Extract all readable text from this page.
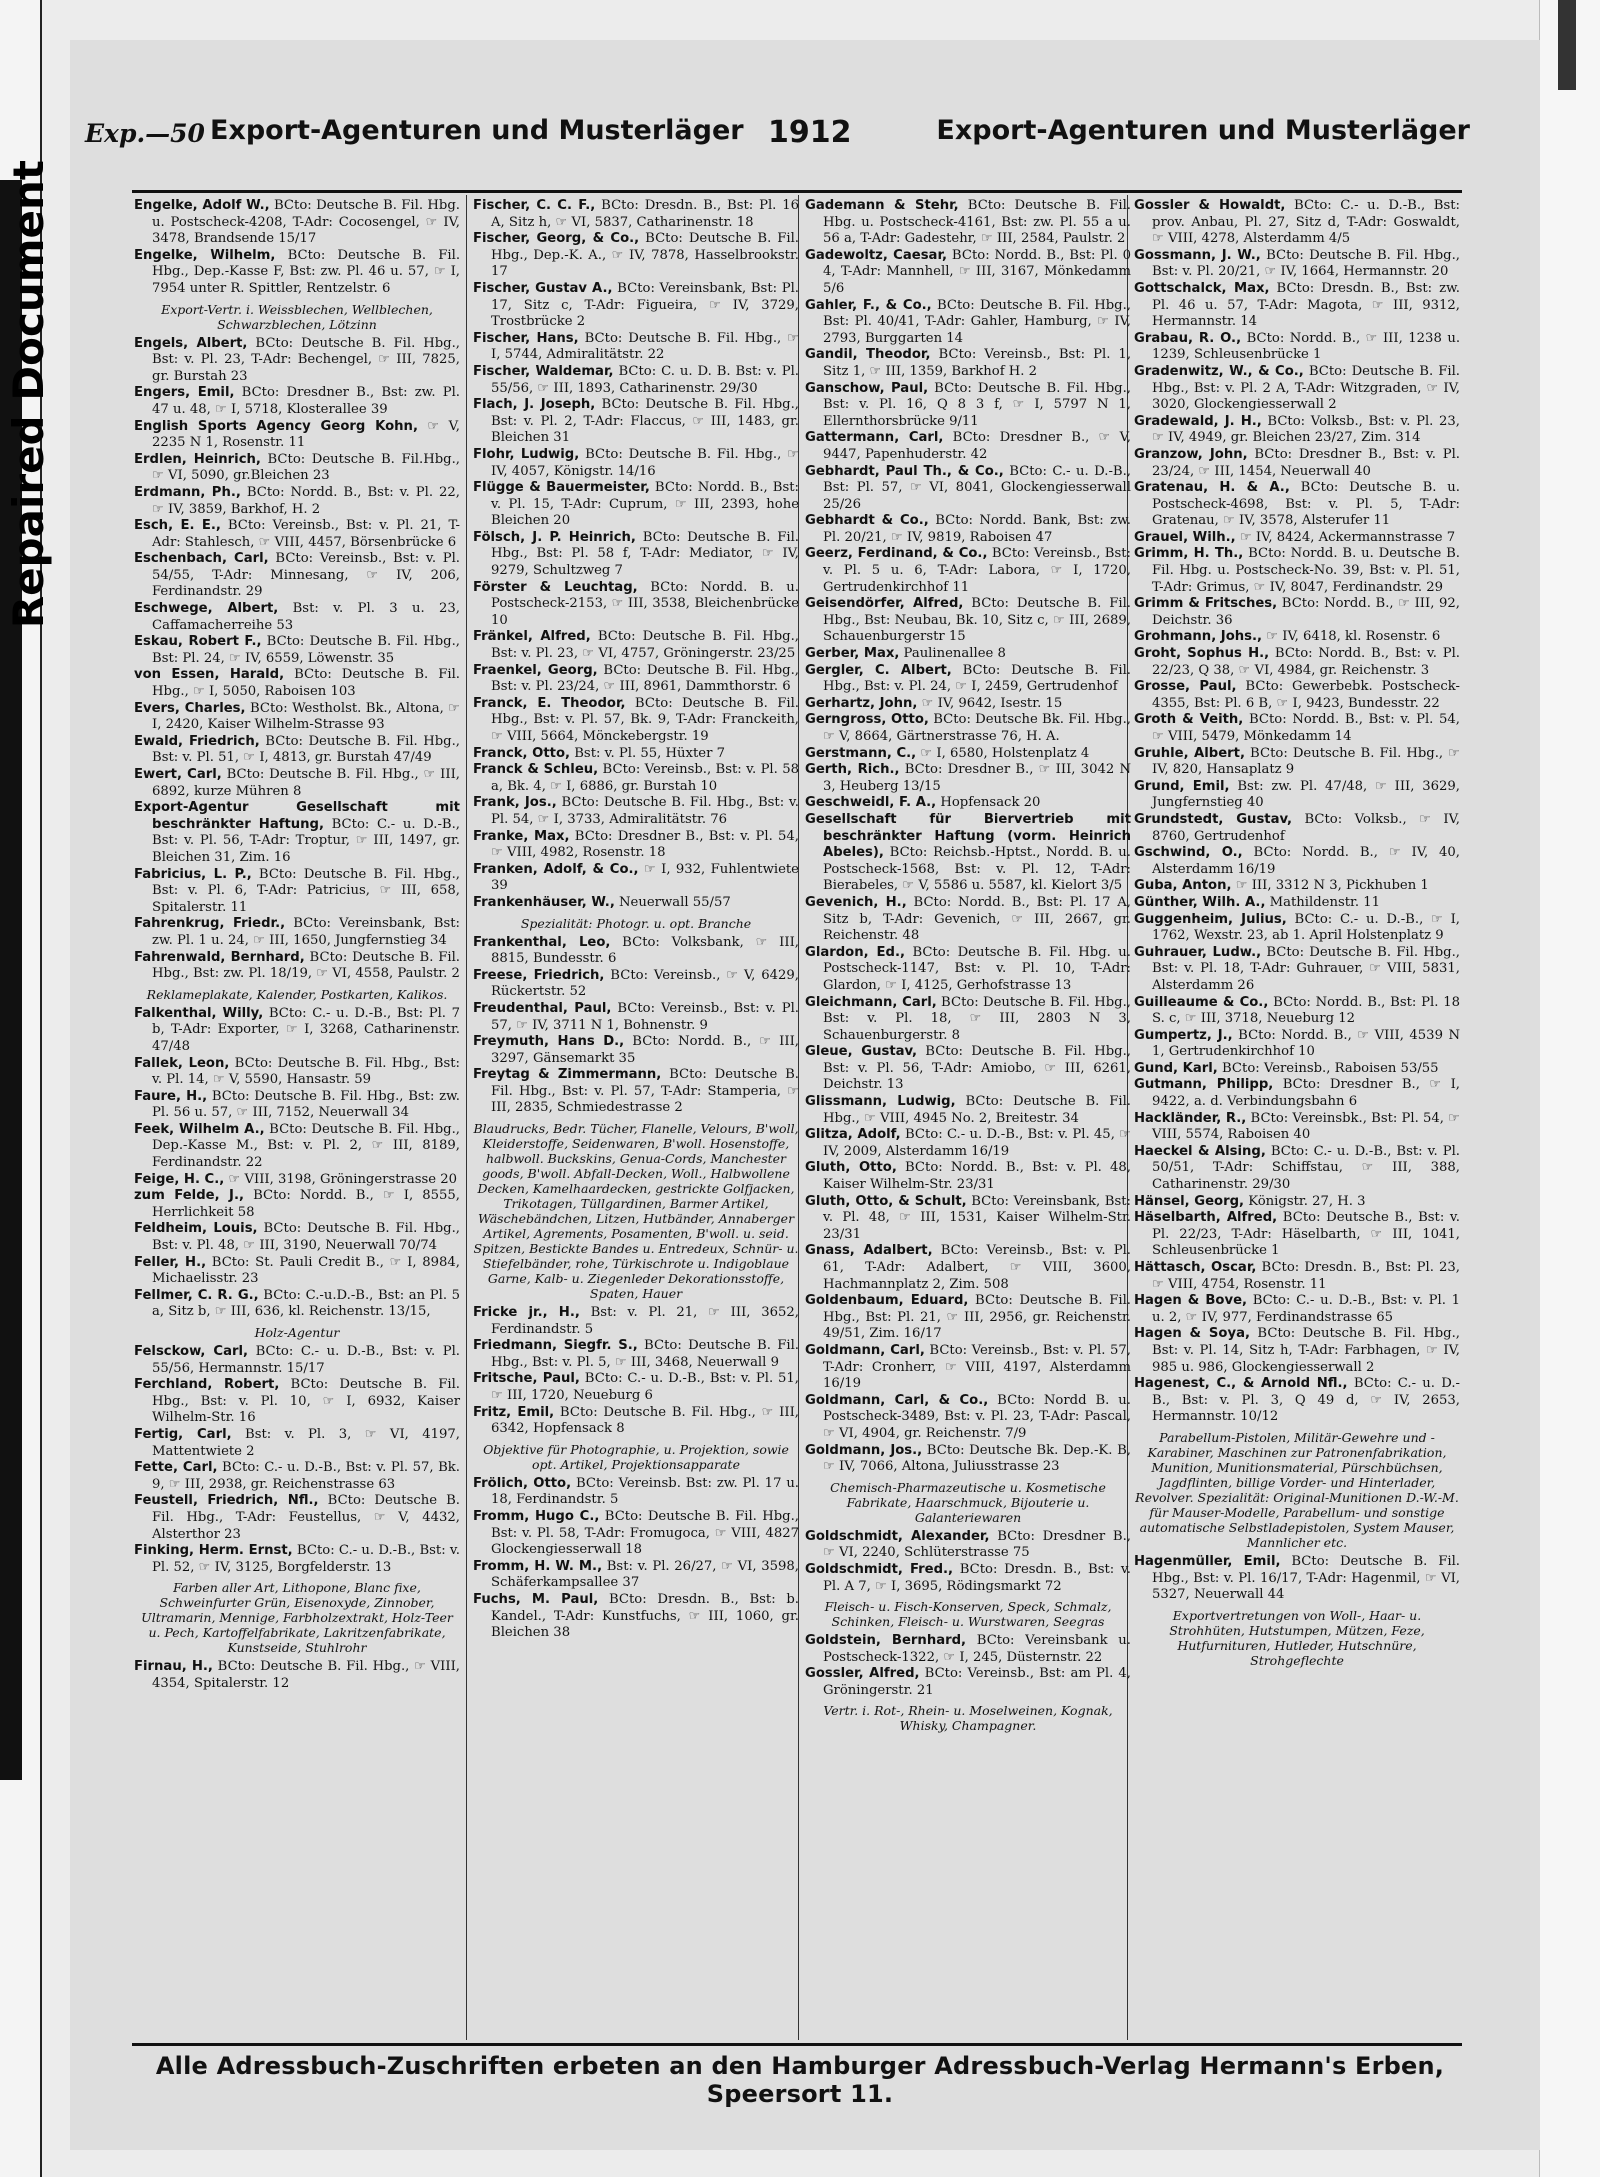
Repaired Document
Exp.—50 Export-Agenturen und Musterläger 1912	Export-Agenturen und Musterläger

Engelke, Adolf W., BCto: Deutsche B. Fil. Hbg. u. Postscheck-4208, T-Adr: Cocosengel, ☞ IV, 3478, Brandsende 15/17

Engelke, Wilhelm, BCto: Deutsche B. Fil. Hbg., Dep.-Kasse F, Bst: zw. Pl. 46 u. 57, ☞ I, 7954 unter R. Spittler, Rentzelstr. 6

Export-Vertr. i. Weissblechen, Wellblechen, Schwarzblechen, Lötzinn

Engels, Albert, BCto: Deutsche B. Fil. Hbg., Bst: v. Pl. 23, T-Adr: Bechengel, ☞ III, 7825, gr. Burstah 23

Engers, Emil, BCto: Dresdner B., Bst: zw. Pl. 47 u. 48, ☞ I, 5718, Klosterallee 39

English Sports Agency Georg Kohn, ☞ V, 2235 N 1, Rosenstr. 11

Erdlen, Heinrich, BCto: Deutsche B. Fil.Hbg., ☞ VI, 5090, gr.Bleichen 23

Erdmann, Ph., BCto: Nordd. B., Bst: v. Pl. 22, ☞ IV, 3859, Barkhof, H. 2

Esch, E. E., BCto: Vereinsb., Bst: v. Pl. 21, T-Adr: Stahlesch, ☞ VIII, 4457, Börsenbrücke 6

Eschenbach, Carl, BCto: Vereinsb., Bst: v. Pl. 54/55, T-Adr: Minnesang, ☞ IV, 206, Ferdinandstr. 29

Eschwege, Albert, Bst: v. Pl. 3 u. 23, Caffamacherreihe 53

Eskau, Robert F., BCto: Deutsche B. Fil. Hbg., Bst: Pl. 24, ☞ IV, 6559, Löwenstr. 35

von Essen, Harald, BCto: Deutsche B. Fil. Hbg., ☞ I, 5050, Raboisen 103

Evers, Charles, BCto: Westholst. Bk., Altona, ☞ I, 2420, Kaiser Wilhelm-Strasse 93

Ewald, Friedrich, BCto: Deutsche B. Fil. Hbg., Bst: v. Pl. 51, ☞ I, 4813, gr. Burstah 47/49

Ewert, Carl, BCto: Deutsche B. Fil. Hbg., ☞ III, 6892, kurze Mühren 8

Export-Agentur Gesellschaft mit beschränkter Haftung, BCto: C.- u. D.-B., Bst: v. Pl. 56, T-Adr: Troptur, ☞ III, 1497, gr. Bleichen 31, Zim. 16

Fabricius, L. P., BCto: Deutsche B. Fil. Hbg., Bst: v. Pl. 6, T-Adr: Patricius, ☞ III, 658, Spitalerstr. 11

Fahrenkrug, Friedr., BCto: Vereinsbank, Bst: zw. Pl. 1 u. 24, ☞ III, 1650, Jungfernstieg 34

Fahrenwald, Bernhard, BCto: Deutsche B. Fil. Hbg., Bst: zw. Pl. 18/19, ☞ VI, 4558, Paulstr. 2

Reklameplakate, Kalender, Postkarten, Kalikos.

Falkenthal, Willy, BCto: C.- u. D.-B., Bst: Pl. 7 b, T-Adr: Exporter, ☞ I, 3268, Catharinenstr. 47/48

Fallek, Leon, BCto: Deutsche B. Fil. Hbg., Bst: v. Pl. 14, ☞ V, 5590, Hansastr. 59

Faure, H., BCto: Deutsche B. Fil. Hbg., Bst: zw. Pl. 56 u. 57, ☞ III, 7152, Neuerwall 34

Feek, Wilhelm A., BCto: Deutsche B. Fil. Hbg., Dep.-Kasse M., Bst: v. Pl. 2, ☞ III, 8189, Ferdinandstr. 22

Feige, H. C., ☞ VIII, 3198, Gröningerstrasse 20

zum Felde, J., BCto: Nordd. B., ☞ I, 8555, Herrlichkeit 58

Feldheim, Louis, BCto: Deutsche B. Fil. Hbg., Bst: v. Pl. 48, ☞ III, 3190, Neuerwall 70/74

Feller, H., BCto: St. Pauli Credit B., ☞ I, 8984, Michaelisstr. 23

Fellmer, C. R. G., BCto: C.-u.D.-B., Bst: an Pl. 5 a, Sitz b, ☞ III, 636, kl. Reichenstr. 13/15,

Holz-Agentur

Felsckow, Carl, BCto: C.- u. D.-B., Bst: v. Pl. 55/56, Hermannstr. 15/17

Ferchland, Robert, BCto: Deutsche B. Fil. Hbg., Bst: v. Pl. 10, ☞ I, 6932, Kaiser Wilhelm-Str. 16

Fertig, Carl, Bst: v. Pl. 3, ☞ VI, 4197, Mattentwiete 2

Fette, Carl, BCto: C.- u. D.-B., Bst: v. Pl. 57, Bk. 9, ☞ III, 2938, gr. Reichenstrasse 63

Feustell, Friedrich, Nfl., BCto: Deutsche B. Fil. Hbg., T-Adr: Feustellus, ☞ V, 4432, Alsterthor 23

Finking, Herm. Ernst, BCto: C.- u. D.-B., Bst: v. Pl. 52, ☞ IV, 3125, Borgfelderstr. 13

Farben aller Art, Lithopone, Blanc fixe, Schweinfurter Grün, Eisenoxyde, Zinnober, Ultramarin, Mennige, Farbholzextrakt, Holz-Teer u. Pech, Kartoffelfabrikate, Lakritzenfabrikate, Kunstseide, Stuhlrohr

Firnau, H., BCto: Deutsche B. Fil. Hbg., ☞ VIII, 4354, Spitalerstr. 12

Fischer, C. C. F., BCto: Dresdn. B., Bst: Pl. 16 A, Sitz h, ☞ VI, 5837, Catharinenstr. 18

Fischer, Georg, & Co., BCto: Deutsche B. Fil. Hbg., Dep.-K. A., ☞ IV, 7878, Hasselbrookstr. 17

Fischer, Gustav A., BCto: Vereinsbank, Bst: Pl. 17, Sitz c, T-Adr: Figueira, ☞ IV, 3729, Trostbrücke 2

Fischer, Hans, BCto: Deutsche B. Fil. Hbg., ☞ I, 5744, Admiralitätstr. 22

Fischer, Waldemar, BCto: C. u. D. B. Bst: v. Pl. 55/56, ☞ III, 1893, Catharinenstr. 29/30

Flach, J. Joseph, BCto: Deutsche B. Fil. Hbg., Bst: v. Pl. 2, T-Adr: Flaccus, ☞ III, 1483, gr. Bleichen 31

Flohr, Ludwig, BCto: Deutsche B. Fil. Hbg., ☞ IV, 4057, Königstr. 14/16

Flügge & Bauermeister, BCto: Nordd. B., Bst: v. Pl. 15, T-Adr: Cuprum, ☞ III, 2393, hohe Bleichen 20

Fölsch, J. P. Heinrich, BCto: Deutsche B. Fil. Hbg., Bst: Pl. 58 f, T-Adr: Mediator, ☞ IV, 9279, Schultzweg 7

Förster & Leuchtag, BCto: Nordd. B. u. Postscheck-2153, ☞ III, 3538, Bleichenbrücke 10

Fränkel, Alfred, BCto: Deutsche B. Fil. Hbg., Bst: v. Pl. 23, ☞ VI, 4757, Gröningerstr. 23/25

Fraenkel, Georg, BCto: Deutsche B. Fil. Hbg., Bst: v. Pl. 23/24, ☞ III, 8961, Dammthorstr. 6

Franck, E. Theodor, BCto: Deutsche B. Fil. Hbg., Bst: v. Pl. 57, Bk. 9, T-Adr: Franckeith, ☞ VIII, 5664, Mönckebergstr. 19

Franck, Otto, Bst: v. Pl. 55, Hüxter 7

Franck & Schleu, BCto: Vereinsb., Bst: v. Pl. 58 a, Bk. 4, ☞ I, 6886, gr. Burstah 10

Frank, Jos., BCto: Deutsche B. Fil. Hbg., Bst: v. Pl. 54, ☞ I, 3733, Admiralitätstr. 76

Franke, Max, BCto: Dresdner B., Bst: v. Pl. 54, ☞ VIII, 4982, Rosenstr. 18

Franken, Adolf, & Co., ☞ I, 932, Fuhlentwiete 39

Frankenhäuser, W., Neuerwall 55/57

Spezialität: Photogr. u. opt. Branche

Frankenthal, Leo, BCto: Volksbank, ☞ III, 8815, Bundesstr. 6

Freese, Friedrich, BCto: Vereinsb., ☞ V, 6429, Rückertstr. 52

Freudenthal, Paul, BCto: Vereinsb., Bst: v. Pl. 57, ☞ IV, 3711 N 1, Bohnenstr. 9

Freymuth, Hans D., BCto: Nordd. B., ☞ III, 3297, Gänsemarkt 35

Freytag & Zimmermann, BCto: Deutsche B. Fil. Hbg., Bst: v. Pl. 57, T-Adr: Stamperia, ☞ III, 2835, Schmiedestrasse 2

Blaudrucks, Bedr. Tücher, Flanelle, Velours, B'woll, Kleiderstoffe, Seidenwaren, B'woll. Hosenstoffe, halbwoll. Buckskins, Genua-Cords, Manchester goods, B'woll. Abfall-Decken, Woll., Halbwollene Decken, Kamelhaardecken, gestrickte Golfjacken, Trikotagen, Tüllgardinen, Barmer Artikel, Wäschebändchen, Litzen, Hutbänder, Annaberger Artikel, Agrements, Posamenten, B'woll. u. seid. Spitzen, Bestickte Bandes u. Entredeux, Schnür- u. Stiefelbänder, rohe, Türkischrote u. Indigoblaue Garne, Kalb- u. Ziegenleder Dekorationsstoffe, Spaten, Hauer

Fricke jr., H., Bst: v. Pl. 21, ☞ III, 3652, Ferdinandstr. 5

Friedmann, Siegfr. S., BCto: Deutsche B. Fil. Hbg., Bst: v. Pl. 5, ☞ III, 3468, Neuerwall 9

Fritsche, Paul, BCto: C.- u. D.-B., Bst: v. Pl. 51, ☞ III, 1720, Neueburg 6

Fritz, Emil, BCto: Deutsche B. Fil. Hbg., ☞ III, 6342, Hopfensack 8

Objektive für Photographie, u. Projektion, sowie opt. Artikel, Projektionsapparate

Frölich, Otto, BCto: Vereinsb. Bst: zw. Pl. 17 u. 18, Ferdinandstr. 5

Fromm, Hugo C., BCto: Deutsche B. Fil. Hbg., Bst: v. Pl. 58, T-Adr: Fromugoca, ☞ VIII, 4827 Glockengiesserwall 18

Fromm, H. W. M., Bst: v. Pl. 26/27, ☞ VI, 3598, Schäferkampsallee 37

Fuchs, M. Paul, BCto: Dresdn. B., Bst: b. Kandel., T-Adr: Kunstfuchs, ☞ III, 1060, gr. Bleichen 38

Gademann & Stehr, BCto: Deutsche B. Fil. Hbg. u. Postscheck-4161, Bst: zw. Pl. 55 a u. 56 a, T-Adr: Gadestehr, ☞ III, 2584, Paulstr. 2

Gadewoltz, Caesar, BCto: Nordd. B., Bst: Pl. 0 4, T-Adr: Mannhell, ☞ III, 3167, Mönkedamm 5/6

Gahler, F., & Co., BCto: Deutsche B. Fil. Hbg., Bst: Pl. 40/41, T-Adr: Gahler, Hamburg, ☞ IV, 2793, Burggarten 14

Gandil, Theodor, BCto: Vereinsb., Bst: Pl. 1, Sitz 1, ☞ III, 1359, Barkhof H. 2

Ganschow, Paul, BCto: Deutsche B. Fil. Hbg., Bst: v. Pl. 16, Q 8 3 f, ☞ I, 5797 N 1, Ellernthorsbrücke 9/11

Gattermann, Carl, BCto: Dresdner B., ☞ V, 9447, Papenhuderstr. 42

Gebhardt, Paul Th., & Co., BCto: C.- u. D.-B., Bst: Pl. 57, ☞ VI, 8041, Glockengiesserwall 25/26

Gebhardt & Co., BCto: Nordd. Bank, Bst: zw. Pl. 20/21, ☞ IV, 9819, Raboisen 47

Geerz, Ferdinand, & Co., BCto: Vereinsb., Bst: v. Pl. 5 u. 6, T-Adr: Labora, ☞ I, 1720, Gertrudenkirchhof 11

Geisendörfer, Alfred, BCto: Deutsche B. Fil. Hbg., Bst: Neubau, Bk. 10, Sitz c, ☞ III, 2689, Schauenburgerstr 15

Gerber, Max, Paulinenallee 8

Gergler, C. Albert, BCto: Deutsche B. Fil. Hbg., Bst: v. Pl. 24, ☞ I, 2459, Gertrudenhof

Gerhartz, John, ☞ IV, 9642, Isestr. 15

Gerngross, Otto, BCto: Deutsche Bk. Fil. Hbg., ☞ V, 8664, Gärtnerstrasse 76, H. A.

Gerstmann, C., ☞ I, 6580, Holstenplatz 4

Gerth, Rich., BCto: Dresdner B., ☞ III, 3042 N 3, Heuberg 13/15

Geschweidl, F. A., Hopfensack 20

Gesellschaft für Biervertrieb mit beschränkter Haftung (vorm. Heinrich Abeles), BCto: Reichsb.-Hptst., Nordd. B. u. Postscheck-1568, Bst: v. Pl. 12, T-Adr: Bierabeles, ☞ V, 5586 u. 5587, kl. Kielort 3/5

Gevenich, H., BCto: Nordd. B., Bst: Pl. 17 A, Sitz b, T-Adr: Gevenich, ☞ III, 2667, gr. Reichenstr. 48

Glardon, Ed., BCto: Deutsche B. Fil. Hbg. u. Postscheck-1147, Bst: v. Pl. 10, T-Adr: Glardon, ☞ I, 4125, Gerhofstrasse 13

Gleichmann, Carl, BCto: Deutsche B. Fil. Hbg., Bst: v. Pl. 18, ☞ III, 2803 N 3, Schauenburgerstr. 8

Gleue, Gustav, BCto: Deutsche B. Fil. Hbg., Bst: v. Pl. 56, T-Adr: Amiobo, ☞ III, 6261, Deichstr. 13

Glissmann, Ludwig, BCto: Deutsche B. Fil. Hbg., ☞ VIII, 4945 No. 2, Breitestr. 34

Glitza, Adolf, BCto: C.- u. D.-B., Bst: v. Pl. 45, ☞ IV, 2009, Alsterdamm 16/19

Gluth, Otto, BCto: Nordd. B., Bst: v. Pl. 48, Kaiser Wilhelm-Str. 23/31

Gluth, Otto, & Schult, BCto: Vereinsbank, Bst: v. Pl. 48, ☞ III, 1531, Kaiser Wilhelm-Str. 23/31

Gnass, Adalbert, BCto: Vereinsb., Bst: v. Pl. 61, T-Adr: Adalbert, ☞ VIII, 3600, Hachmannplatz 2, Zim. 508

Goldenbaum, Eduard, BCto: Deutsche B. Fil. Hbg., Bst: Pl. 21, ☞ III, 2956, gr. Reichenstr. 49/51, Zim. 16/17

Goldmann, Carl, BCto: Vereinsb., Bst: v. Pl. 57, T-Adr: Cronherr, ☞ VIII, 4197, Alsterdamm 16/19

Goldmann, Carl, & Co., BCto: Nordd B. u. Postscheck-3489, Bst: v. Pl. 23, T-Adr: Pascal, ☞ VI, 4904, gr. Reichenstr. 7/9

Goldmann, Jos., BCto: Deutsche Bk. Dep.-K. B, ☞ IV, 7066, Altona, Juliusstrasse 23

Chemisch-Pharmazeutische u. Kosmetische Fabrikate, Haarschmuck, Bijouterie u. Galanteriewaren

Goldschmidt, Alexander, BCto: Dresdner B., ☞ VI, 2240, Schlüterstrasse 75

Goldschmidt, Fred., BCto: Dresdn. B., Bst: v. Pl. A 7, ☞ I, 3695, Rödingsmarkt 72

Fleisch- u. Fisch-Konserven, Speck, Schmalz, Schinken, Fleisch- u. Wurstwaren, Seegras

Goldstein, Bernhard, BCto: Vereinsbank u. Postscheck-1322, ☞ I, 245, Düsternstr. 22

Gossler, Alfred, BCto: Vereinsb., Bst: am Pl. 4, Gröningerstr. 21

Vertr. i. Rot-, Rhein- u. Moselweinen, Kognak, Whisky, Champagner.

Gossler & Howaldt, BCto: C.- u. D.-B., Bst: prov. Anbau, Pl. 27, Sitz d, T-Adr: Goswaldt, ☞ VIII, 4278, Alsterdamm 4/5

Gossmann, J. W., BCto: Deutsche B. Fil. Hbg., Bst: v. Pl. 20/21, ☞ IV, 1664, Hermannstr. 20

Gottschalck, Max, BCto: Dresdn. B., Bst: zw. Pl. 46 u. 57, T-Adr: Magota, ☞ III, 9312, Hermannstr. 14

Grabau, R. O., BCto: Nordd. B., ☞ III, 1238 u. 1239, Schleusenbrücke 1

Gradenwitz, W., & Co., BCto: Deutsche B. Fil. Hbg., Bst: v. Pl. 2 A, T-Adr: Witzgraden, ☞ IV, 3020, Glockengiesserwall 2

Gradewald, J. H., BCto: Volksb., Bst: v. Pl. 23, ☞ IV, 4949, gr. Bleichen 23/27, Zim. 314

Granzow, John, BCto: Dresdner B., Bst: v. Pl. 23/24, ☞ III, 1454, Neuerwall 40

Gratenau, H. & A., BCto: Deutsche B. u. Postscheck-4698, Bst: v. Pl. 5, T-Adr: Gratenau, ☞ IV, 3578, Alsterufer 11

Grauel, Wilh., ☞ IV, 8424, Ackermannstrasse 7

Grimm, H. Th., BCto: Nordd. B. u. Deutsche B. Fil. Hbg. u. Postscheck-No. 39, Bst: v. Pl. 51, T-Adr: Grimus, ☞ IV, 8047, Ferdinandstr. 29

Grimm & Fritsches, BCto: Nordd. B., ☞ III, 92, Deichstr. 36

Grohmann, Johs., ☞ IV, 6418, kl. Rosenstr. 6

Groht, Sophus H., BCto: Nordd. B., Bst: v. Pl. 22/23, Q 38, ☞ VI, 4984, gr. Reichenstr. 3

Grosse, Paul, BCto: Gewerbebk. Postscheck-4355, Bst: Pl. 6 B, ☞ I, 9423, Bundesstr. 22

Groth & Veith, BCto: Nordd. B., Bst: v. Pl. 54, ☞ VIII, 5479, Mönkedamm 14

Gruhle, Albert, BCto: Deutsche B. Fil. Hbg., ☞ IV, 820, Hansaplatz 9

Grund, Emil, Bst: zw. Pl. 47/48, ☞ III, 3629, Jungfernstieg 40

Grundstedt, Gustav, BCto: Volksb., ☞ IV, 8760, Gertrudenhof

Gschwind, O., BCto: Nordd. B., ☞ IV, 40, Alsterdamm 16/19

Guba, Anton, ☞ III, 3312 N 3, Pickhuben 1

Günther, Wilh. A., Mathildenstr. 11

Guggenheim, Julius, BCto: C.- u. D.-B., ☞ I, 1762, Wexstr. 23, ab 1. April Holstenplatz 9

Guhrauer, Ludw., BCto: Deutsche B. Fil. Hbg., Bst: v. Pl. 18, T-Adr: Guhrauer, ☞ VIII, 5831, Alsterdamm 26

Guilleaume & Co., BCto: Nordd. B., Bst: Pl. 18 S. c, ☞ III, 3718, Neueburg 12

Gumpertz, J., BCto: Nordd. B., ☞ VIII, 4539 N 1, Gertrudenkirchhof 10

Gund, Karl, BCto: Vereinsb., Raboisen 53/55

Gutmann, Philipp, BCto: Dresdner B., ☞ I, 9422, a. d. Verbindungsbahn 6

Hackländer, R., BCto: Vereinsbk., Bst: Pl. 54, ☞ VIII, 5574, Raboisen 40

Haeckel & Alsing, BCto: C.- u. D.-B., Bst: v. Pl. 50/51, T-Adr: Schiffstau, ☞ III, 388, Catharinenstr. 29/30

Hänsel, Georg, Königstr. 27, H. 3

Häselbarth, Alfred, BCto: Deutsche B., Bst: v. Pl. 22/23, T-Adr: Häselbarth, ☞ III, 1041, Schleusenbrücke 1

Hättasch, Oscar, BCto: Dresdn. B., Bst: Pl. 23, ☞ VIII, 4754, Rosenstr. 11

Hagen & Bove, BCto: C.- u. D.-B., Bst: v. Pl. 1 u. 2, ☞ IV, 977, Ferdinandstrasse 65

Hagen & Soya, BCto: Deutsche B. Fil. Hbg., Bst: v. Pl. 14, Sitz h, T-Adr: Farbhagen, ☞ IV, 985 u. 986, Glockengiesserwall 2

Hagenest, C., & Arnold Nfl., BCto: C.- u. D.-B., Bst: v. Pl. 3, Q 49 d, ☞ IV, 2653, Hermannstr. 10/12

Parabellum-Pistolen, Militär-Gewehre und -Karabiner, Maschinen zur Patronenfabrikation, Munition, Munitionsmaterial, Pürschbüchsen, Jagdflinten, billige Vorder- und Hinterlader, Revolver. Spezialität: Original-Munitionen D.-W.-M. für Mauser-Modelle, Parabellum- und sonstige automatische Selbstladepistolen, System Mauser, Mannlicher etc.

Hagenmüller, Emil, BCto: Deutsche B. Fil. Hbg., Bst: v. Pl. 16/17, T-Adr: Hagenmil, ☞ VI, 5327, Neuerwall 44

Exportvertretungen von Woll-, Haar- u. Strohhüten, Hutstumpen, Mützen, Feze, Hutfurnituren, Hutleder, Hutschnüre, Strohgeflechte

Alle Adressbuch-Zuschriften erbeten an den Hamburger Adressbuch-Verlag Hermann's Erben, Speersort 11.
